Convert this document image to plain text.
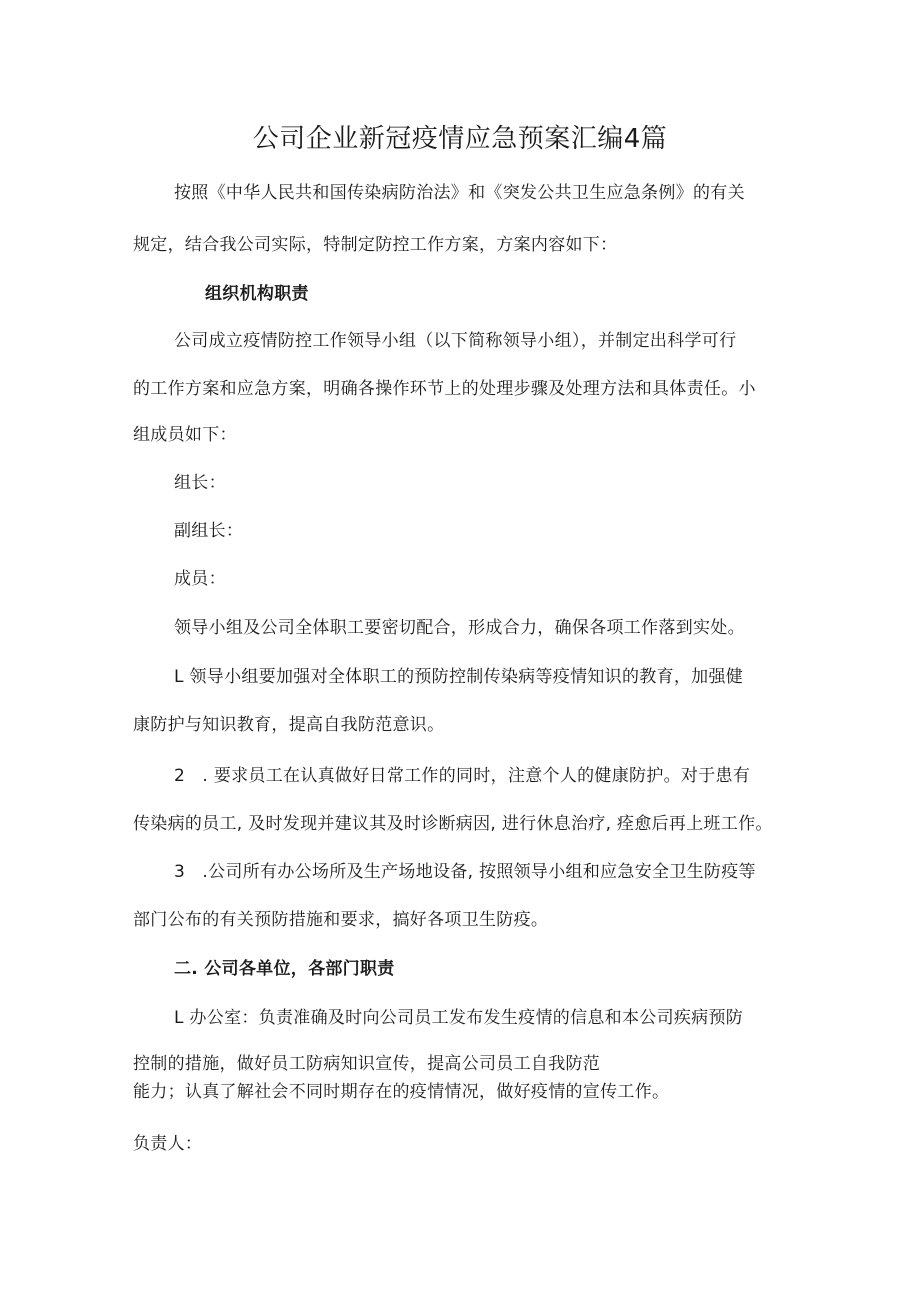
公司企业新冠疫情应急预案汇编4篇
按照《中华人民共和国传染病防治法》和《突发公共卫生应急条例》的有关
规定，结合我公司实际，特制定防控工作方案，方案内容如下：
组织机构职责
公司成立疫情防控工作领导小组（以下简称领导小组），并制定出科学可行
的工作方案和应急方案，明确各操作环节上的处理步骤及处理方法和具体责任。小
组成员如下：
组长：
副组长：
成员：
领导小组及公司全体职工要密切配合，形成合力，确保各项工作落到实处。
L 领导小组要加强对全体职工的预防控制传染病等疫情知识的教育，加强健
康防护与知识教育，提高自我防范意识。
2　. 要求员工在认真做好日常工作的同时，注意个人的健康防护。对于患有
传染病的员工, 及时发现并建议其及时诊断病因, 进行休息治疗, 痊愈后再上班工作。
3　.公司所有办公场所及生产场地设备, 按照领导小组和应急安全卫生防疫等
部门公布的有关预防措施和要求，搞好各项卫生防疫。
二. 公司各单位，各部门职责
L 办公室：负责准确及时向公司员工发布发生疫情的信息和本公司疾病预防
控制的措施，做好员工防病知识宣传，提高公司员工自我防范
能力；认真了解社会不同时期存在的疫情情况，做好疫情的宣传工作。
负责人：
